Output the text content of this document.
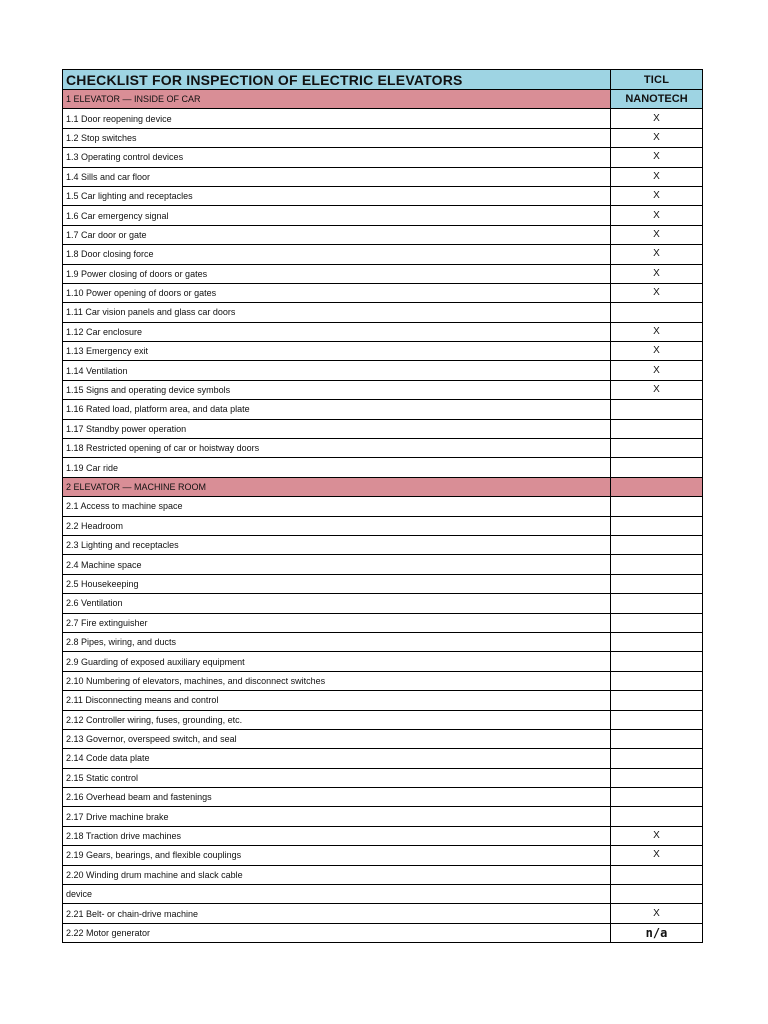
CHECKLIST FOR INSPECTION OF ELECTRIC ELEVATORS	TICL
1 ELEVATOR — INSIDE OF CAR	NANOTECH
1.1 Door reopening device	X
1.2 Stop switches	X
1.3 Operating control devices	X
1.4 Sills and car floor	X
1.5 Car lighting and receptacles	X
1.6 Car emergency signal	X
1.7 Car door or gate	X
1.8 Door closing force	X
1.9 Power closing of doors or gates	X
1.10 Power opening of doors or gates	X
1.11 Car vision panels and glass car doors	
1.12 Car enclosure	X
1.13 Emergency exit	X
1.14 Ventilation	X
1.15 Signs and operating device symbols	X
1.16 Rated load, platform area, and data plate	
1.17 Standby power operation	
1.18 Restricted opening of car or hoistway doors	
1.19 Car ride	
2 ELEVATOR — MACHINE ROOM	
2.1 Access to machine space	
2.2 Headroom	
2.3 Lighting and receptacles	
2.4 Machine space	
2.5 Housekeeping	
2.6 Ventilation	
2.7 Fire extinguisher	
2.8 Pipes, wiring, and ducts	
2.9 Guarding of exposed auxiliary equipment	
2.10 Numbering of elevators, machines, and disconnect switches	
2.11 Disconnecting means and control	
2.12 Controller wiring, fuses, grounding, etc.	
2.13 Governor, overspeed switch, and seal	
2.14 Code data plate	
2.15 Static control	
2.16 Overhead beam and fastenings	
2.17 Drive machine brake	
2.18 Traction drive machines	X
2.19 Gears, bearings, and flexible couplings	X
2.20 Winding drum machine and slack cable	
device	
2.21 Belt- or chain-drive machine	X
2.22 Motor generator	n/a
